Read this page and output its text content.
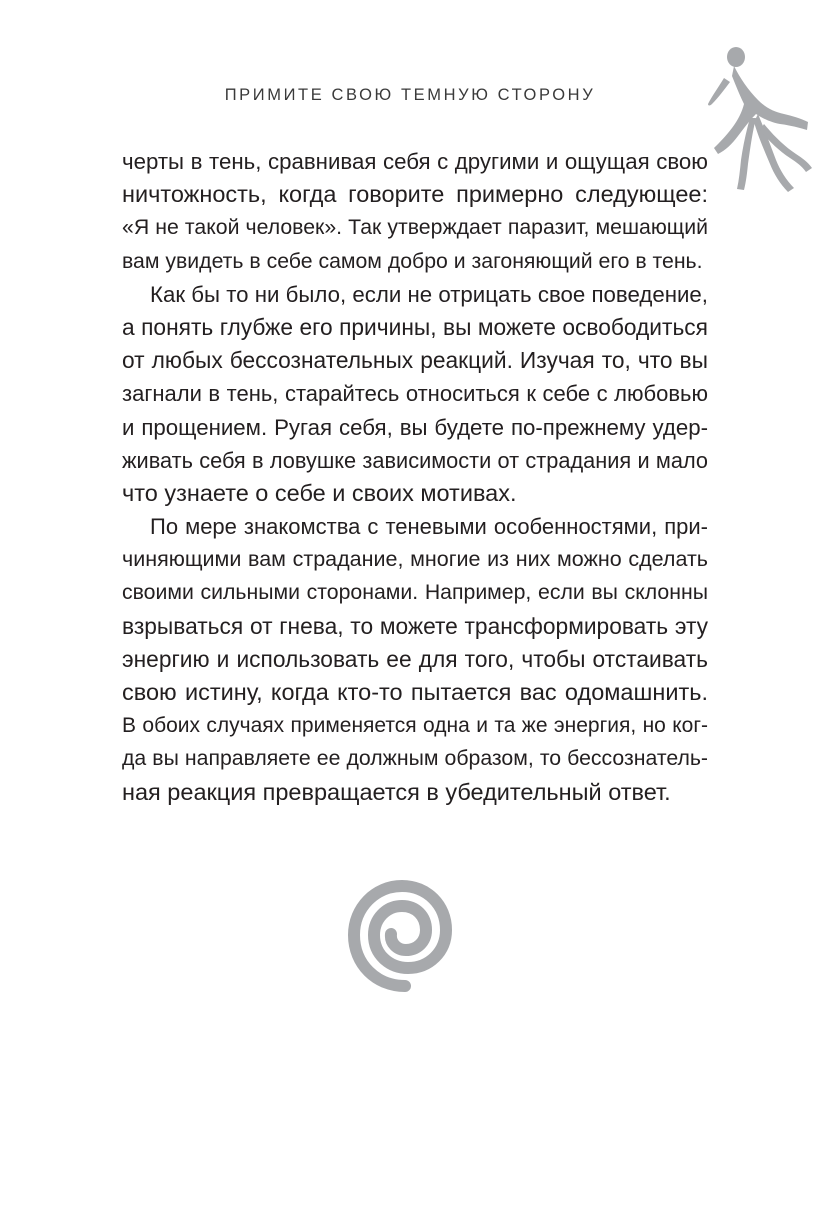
ПРИМИТЕ СВОЮ ТЕМНУЮ СТОРОНУ

черты в тень, сравнивая себя с другими и ощущая свою
ничтожность, когда говорите примерно следующее:
«Я не такой человек». Так утверждает паразит, мешающий
вам увидеть в себе самом добро и загоняющий его в тень.

Как бы то ни было, если не отрицать свое поведение,
а понять глубже его причины, вы можете освободиться
от любых бессознательных реакций. Изучая то, что вы
загнали в тень, старайтесь относиться к себе с любовью
и прощением. Ругая себя, вы будете по-прежнему удер-
живать себя в ловушке зависимости от страдания и мало
что узнаете о себе и своих мотивах.

По мере знакомства с теневыми особенностями, при-
чиняющими вам страдание, многие из них можно сделать
своими сильными сторонами. Например, если вы склонны
взрываться от гнева, то можете трансформировать эту
энергию и использовать ее для того, чтобы отстаивать
свою истину, когда кто-то пытается вас одомашнить.
В обоих случаях применяется одна и та же энергия, но ког-
да вы направляете ее должным образом, то бессознатель-
ная реакция превращается в убедительный ответ.
